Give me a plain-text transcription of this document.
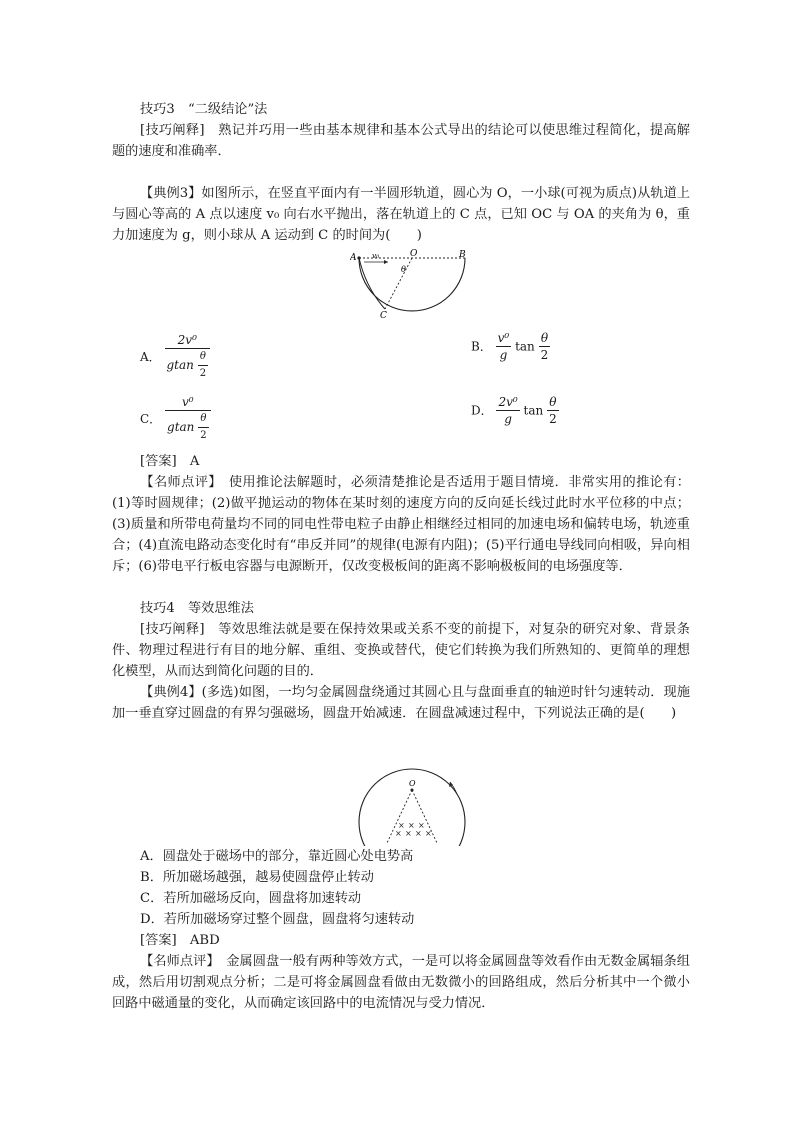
技巧3　“二级结论”法
[技巧阐释]　熟记并巧用一些由基本规律和基本公式导出的结论可以使思维过程简化，提高解题的速度和准确率．
【典例3】如图所示，在竖直平面内有一半圆形轨道，圆心为 O，一小球(可视为质点)从轨道上与圆心等高的 A 点以速度 v₀ 向右水平抛出，落在轨道上的 C 点，已知 OC 与 OA 的夹角为 θ，重力加速度为 g，则小球从 A 运动到 C 的时间为(　　)
A v₀	O	B
θ
C
A． $\frac{\text{2v⁰}}{gtan \frac{\theta}{2}}$	B． $\frac{\text{v⁰}}{g}$ $\tan \frac{\theta}{2}$
C． $\frac{\text{v⁰}}{gtan \frac{\theta}{2}}$	D． $\frac{\text{2v⁰}}{g}$ $\tan \frac{\theta}{2}$
[答案]　A
【名师点评】　使用推论法解题时，必须清楚推论是否适用于题目情境．非常实用的推论有：(1)等时圆规律；(2)做平抛运动的物体在某时刻的速度方向的反向延长线过此时水平位移的中点；(3)质量和所带电荷量均不同的同电性带电粒子由静止相继经过相同的加速电场和偏转电场，轨迹重合；(4)直流电路动态变化时有“串反并同”的规律(电源有内阻)；(5)平行通电导线同向相吸，异向相斥；(6)带电平行板电容器与电源断开，仅改变极板间的距离不影响极板间的电场强度等．
技巧4　等效思维法
[技巧阐释]　等效思维法就是要在保持效果或关系不变的前提下，对复杂的研究对象、背景条件、物理过程进行有目的地分解、重组、变换或替代，使它们转换为我们所熟知的、更简单的理想化模型，从而达到简化问题的目的．
【典例4】(多选)如图，一均匀金属圆盘绕通过其圆心且与盘面垂直的轴逆时针匀速转动．现施加一垂直穿过圆盘的有界匀强磁场，圆盘开始减速．在圆盘减速过程中，下列说法正确的是(　　)
O
× × ×
× × × ×
A．圆盘处于磁场中的部分，靠近圆心处电势高
B．所加磁场越强，越易使圆盘停止转动
C．若所加磁场反向，圆盘将加速转动
D．若所加磁场穿过整个圆盘，圆盘将匀速转动
[答案]　ABD
【名师点评】　金属圆盘一般有两种等效方式，一是可以将金属圆盘等效看作由无数金属辐条组成，然后用切割观点分析；二是可将金属圆盘看做由无数微小的回路组成，然后分析其中一个微小回路中磁通量的变化，从而确定该回路中的电流情况与受力情况．
